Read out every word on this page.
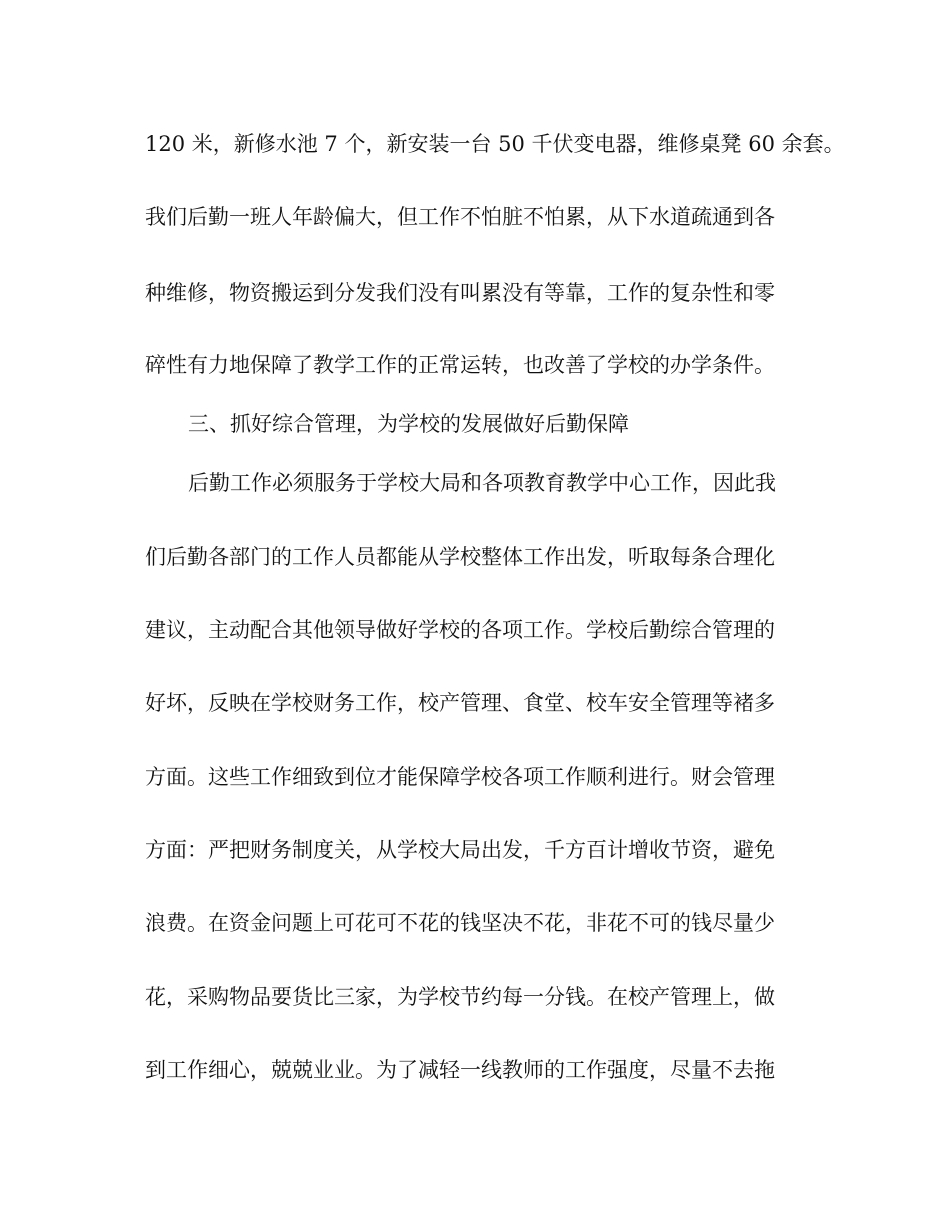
120 米，新修水池 7 个，新安装一台 50 千伏变电器，维修桌凳 60 余套。
我们后勤一班人年龄偏大，但工作不怕脏不怕累，从下水道疏通到各
种维修，物资搬运到分发我们没有叫累没有等靠，工作的复杂性和零
碎性有力地保障了教学工作的正常运转，也改善了学校的办学条件。
三、抓好综合管理，为学校的发展做好后勤保障
后勤工作必须服务于学校大局和各项教育教学中心工作，因此我
们后勤各部门的工作人员都能从学校整体工作出发，听取每条合理化
建议，主动配合其他领导做好学校的各项工作。学校后勤综合管理的
好坏，反映在学校财务工作，校产管理、食堂、校车安全管理等褚多
方面。这些工作细致到位才能保障学校各项工作顺利进行。财会管理
方面：严把财务制度关，从学校大局出发，千方百计增收节资，避免
浪费。在资金问题上可花可不花的钱坚决不花，非花不可的钱尽量少
花，采购物品要货比三家，为学校节约每一分钱。在校产管理上，做
到工作细心，兢兢业业。为了减轻一线教师的工作强度，尽量不去拖
